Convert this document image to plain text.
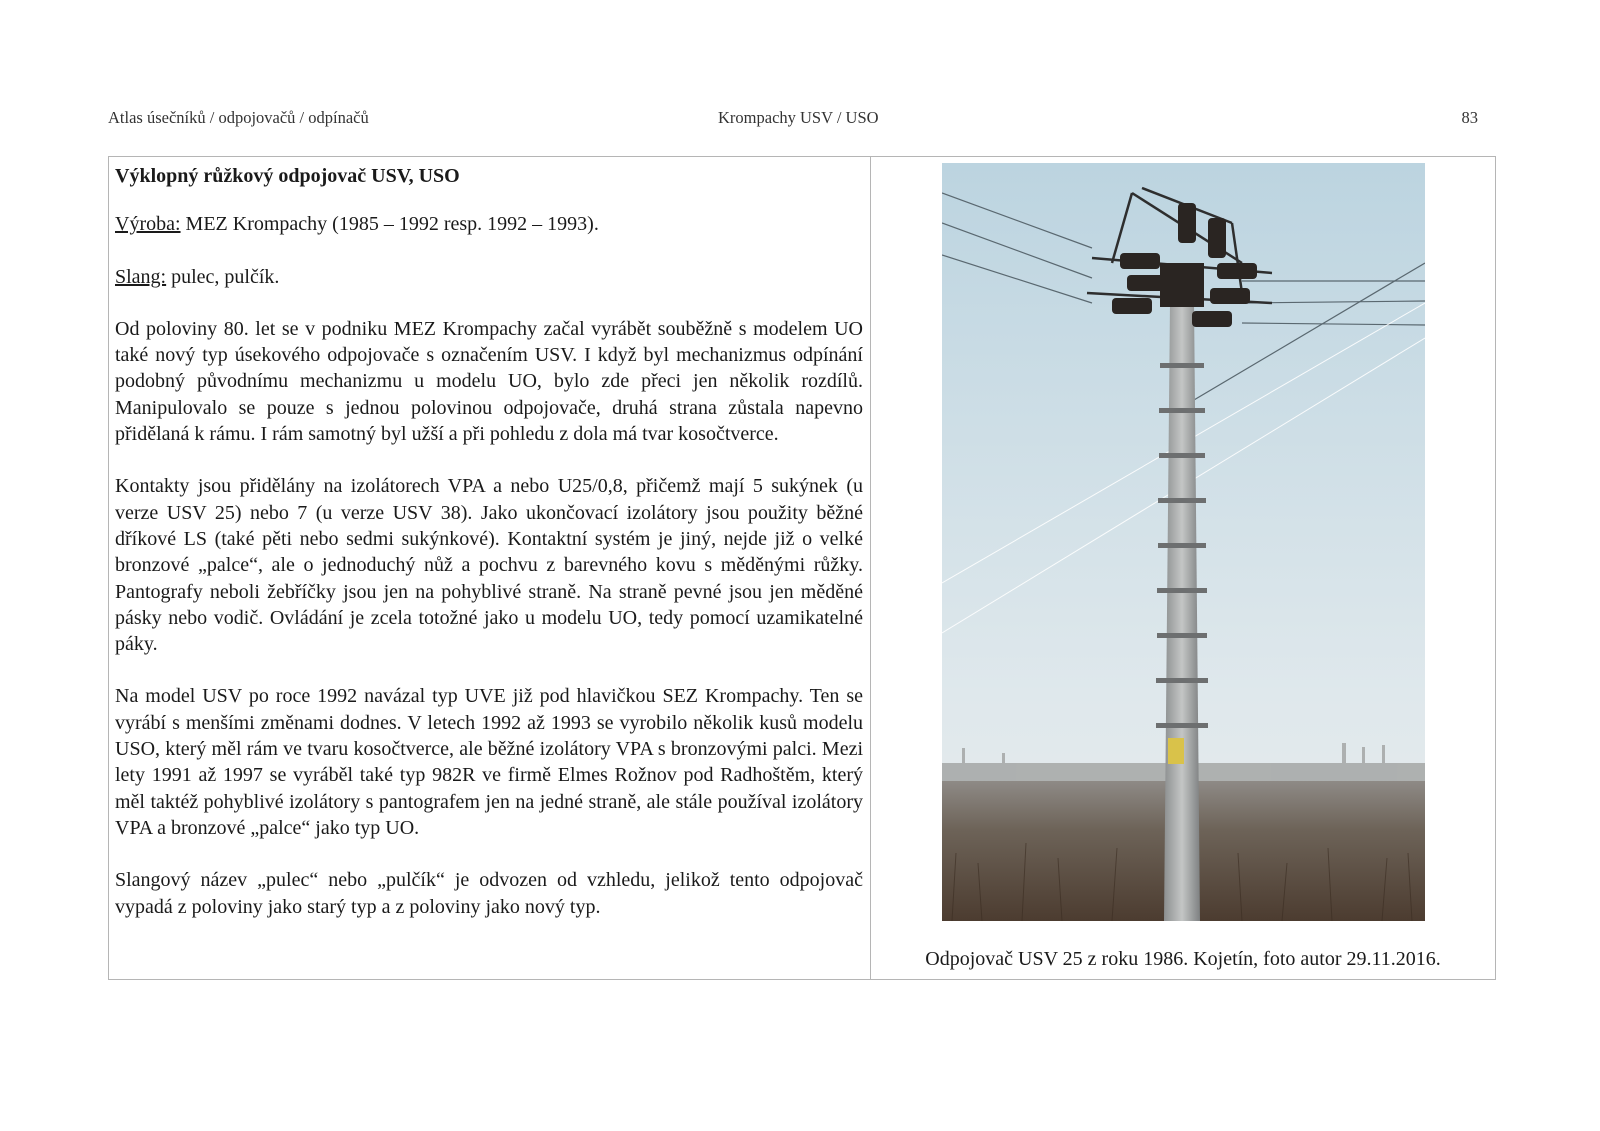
Atlas úsečníků / odpojovačů / odpínačů	Krompachy USV / USO	83

Výklopný růžkový odpojovač USV, USO

Výroba: MEZ Krompachy (1985 – 1992 resp. 1992 – 1993).

Slang: pulec, pulčík.

Od poloviny 80. let se v podniku MEZ Krompachy začal vyrábět souběžně s modelem UO také nový typ úsekového odpojovače s označením USV. I když byl mechanizmus odpínání podobný původnímu mechanizmu u modelu UO, bylo zde přeci jen několik rozdílů. Manipulovalo se pouze s jednou polovinou odpojovače, druhá strana zůstala napevno přidělaná k rámu. I rám samotný byl užší a při pohledu z dola má tvar kosočtverce.

Kontakty jsou přidělány na izolátorech VPA a nebo U25/0,8, přičemž mají 5 sukýnek (u verze USV 25) nebo 7 (u verze USV 38). Jako ukončovací izolátory jsou použity běžné dříkové LS (také pěti nebo sedmi sukýnkové). Kontaktní systém je jiný, nejde již o velké bronzové „palce“, ale o jednoduchý nůž a pochvu z barevného kovu s měděnými růžky. Pantografy neboli žebříčky jsou jen na pohyblivé straně. Na straně pevné jsou jen měděné pásky nebo vodič. Ovládání je zcela totožné jako u modelu UO, tedy pomocí uzamikatelné páky.

Na model USV po roce 1992 navázal typ UVE již pod hlavičkou SEZ Krompachy. Ten se vyrábí s menšími změnami dodnes. V letech 1992 až 1993 se vyrobilo několik kusů modelu USO, který měl rám ve tvaru kosočtverce, ale běžné izolátory VPA s bronzovými palci. Mezi lety 1991 až 1997 se vyráběl také typ 982R ve firmě Elmes Rožnov pod Radhoštěm, který měl taktéž pohyblivé izolátory s pantografem jen na jedné straně, ale stále používal izolátory VPA a bronzové „palce“ jako typ UO.

Slangový název „pulec“ nebo „pulčík“ je odvozen od vzhledu, jelikož tento odpojovač vypadá z poloviny jako starý typ a z poloviny jako nový typ.

Odpojovač USV 25 z roku 1986. Kojetín, foto autor 29.11.2016.
